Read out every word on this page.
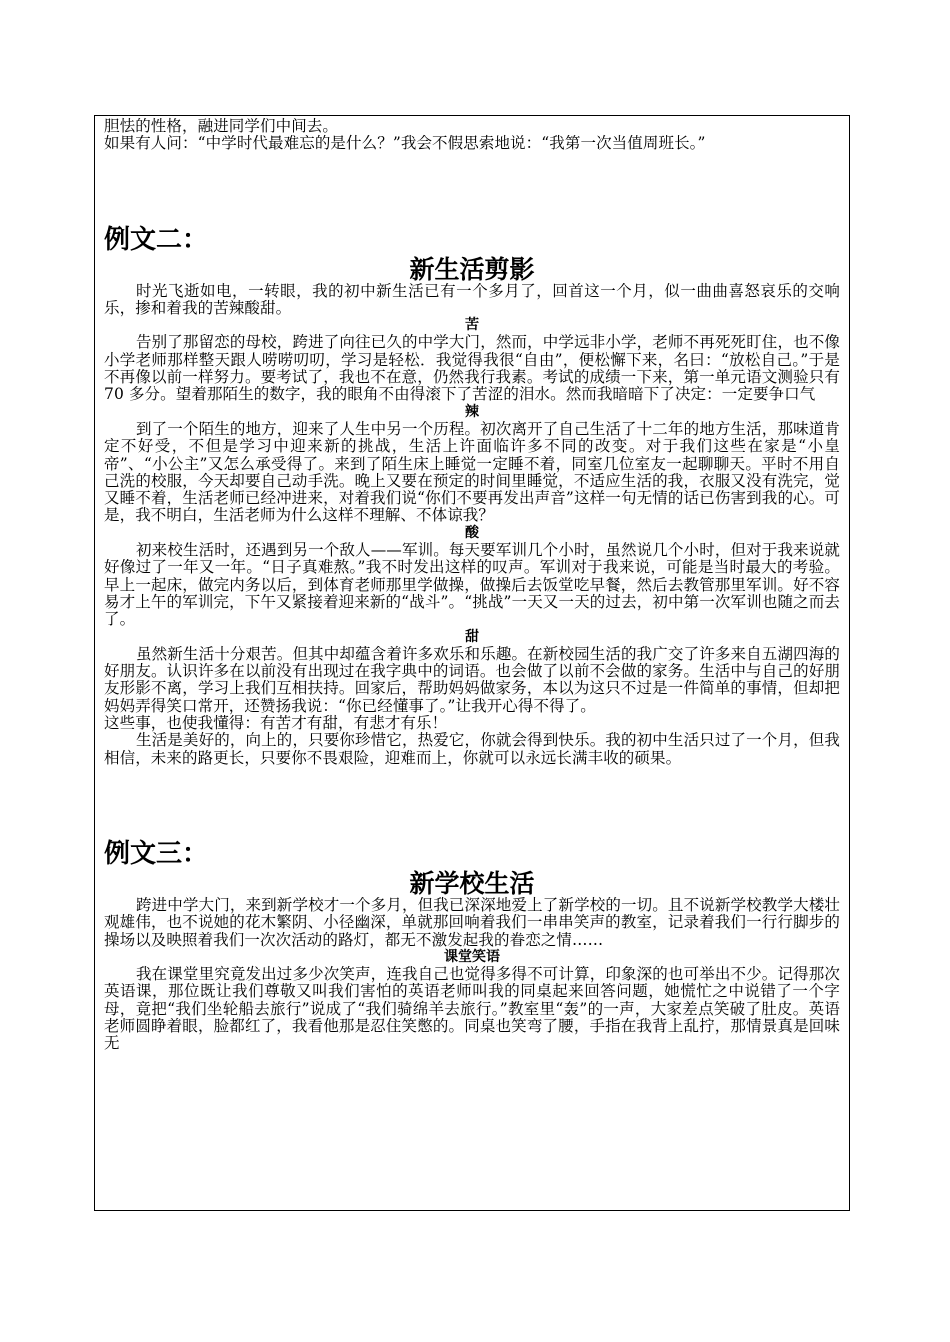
胆怯的性格，融进同学们中间去。

如果有人问：“中学时代最难忘的是什么？”我会不假思索地说：“我第一次当值周班长。”

例文二：

新生活剪影

时光飞逝如电，一转眼，我的初中新生活已有一个多月了，回首这一个月，似一曲曲喜怒哀乐的交响乐，掺和着我的苦辣酸甜。

苦

告别了那留恋的母校，跨进了向往已久的中学大门，然而，中学远非小学，老师不再死死盯住，也不像小学老师那样整天跟人唠唠叨叨，学习是轻松．我觉得我很“自由”，便松懈下来，名曰：“放松自己。”于是不再像以前一样努力。要考试了，我也不在意，仍然我行我素。考试的成绩一下来，第一单元语文测验只有 70 多分。望着那陌生的数字，我的眼角不由得滚下了苦涩的泪水。然而我暗暗下了决定：一定要争口气

辣

到了一个陌生的地方，迎来了人生中另一个历程。初次离开了自己生活了十二年的地方生活，那味道肯定不好受，不但是学习中迎来新的挑战，生活上许面临许多不同的改变。对于我们这些在家是“小皇帝”、“小公主”又怎么承受得了。来到了陌生床上睡觉一定睡不着，同室几位室友一起聊聊天。平时不用自己洗的校服，今天却要自己动手洗。晚上又要在预定的时间里睡觉，不适应生活的我，衣服又没有洗完，觉又睡不着，生活老师已经冲进来，对着我们说“你们不要再发出声音”这样一句无情的话已伤害到我的心。可是，我不明白，生活老师为什么这样不理解、不体谅我？

酸

初来校生活时，还遇到另一个敌人——军训。每天要军训几个小时，虽然说几个小时，但对于我来说就好像过了一年又一年。“日子真难熬。”我不时发出这样的叹声。军训对于我来说，可能是当时最大的考验。早上一起床，做完内务以后，到体育老师那里学做操，做操后去饭堂吃早餐，然后去教管那里军训。好不容易才上午的军训完，下午又紧接着迎来新的“战斗”。“挑战”一天又一天的过去，初中第一次军训也随之而去了。

甜

虽然新生活十分艰苦。但其中却蕴含着许多欢乐和乐趣。在新校园生活的我广交了许多来自五湖四海的好朋友。认识许多在以前没有出现过在我字典中的词语。也会做了以前不会做的家务。生活中与自己的好朋友形影不离，学习上我们互相扶持。回家后，帮助妈妈做家务，本以为这只不过是一件简单的事情，但却把妈妈弄得笑口常开，还赞扬我说：“你已经懂事了。”让我开心得不得了。

这些事，也使我懂得：有苦才有甜，有悲才有乐！

生活是美好的，向上的，只要你珍惜它，热爱它，你就会得到快乐。我的初中生活只过了一个月，但我相信，未来的路更长，只要你不畏艰险，迎难而上，你就可以永远长满丰收的硕果。

例文三：

新学校生活

跨进中学大门，来到新学校才一个多月，但我已深深地爱上了新学校的一切。且不说新学校教学大楼壮观雄伟，也不说她的花木繁阴、小径幽深，单就那回响着我们一串串笑声的教室，记录着我们一行行脚步的操场以及映照着我们一次次活动的路灯，都无不激发起我的眷恋之情……

课堂笑语

我在课堂里究竟发出过多少次笑声，连我自己也觉得多得不可计算，印象深的也可举出不少。记得那次英语课，那位既让我们尊敬又叫我们害怕的英语老师叫我的同桌起来回答问题，她慌忙之中说错了一个字母，竟把“我们坐轮船去旅行”说成了“我们骑绵羊去旅行。”教室里“轰”的一声，大家差点笑破了肚皮。英语老师圆睁着眼，脸都红了，我看他那是忍住笑憋的。同桌也笑弯了腰，手指在我背上乱拧，那情景真是回味无
